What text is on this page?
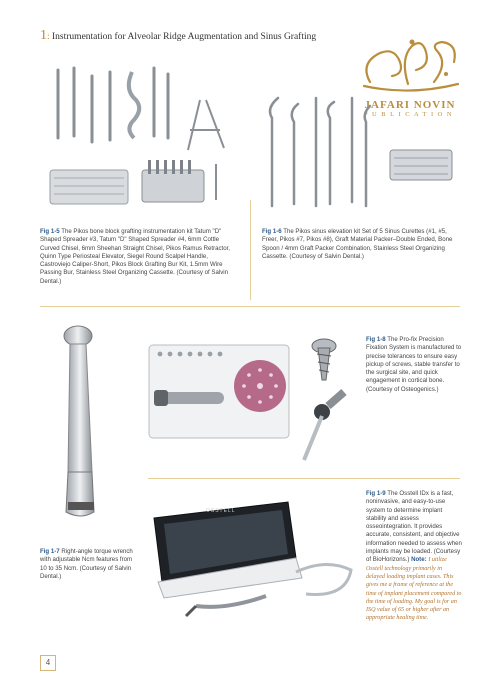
1: Instrumentation for Alveolar Ridge Augmentation and Sinus Grafting
JAFARI NOVIN
PUBLICATION
Fig 1-5 The Pikos bone block grafting instrumentation kit Tatum "D" Shaped Spreader #3, Tatum "D" Shaped Spreader #4, 6mm Cottle Curved Chisel, 6mm Sheehan Straight Chisel, Pikos Ramus Retractor, Quinn Type Periosteal Elevator, Siegel Round Scalpel Handle, Castroviejo Caliper-Short, Pikos Block Grafting Bur Kit, 1.5mm Wire Passing Bur, Stainless Steel Organizing Cassette. (Courtesy of Salvin Dental.)
Fig 1-6 The Pikos sinus elevation kit Set of 5 Sinus Curettes (#1, #5, Freer, Pikos #7, Pikos #8), Graft Material Packer–Double Ended, Bone Spoon / 4mm Graft Packer Combination, Stainless Steel Organizing Cassette. (Courtesy of Salvin Dental.)
Fig 1-8 The Pro-fix Precision Fixation System is manufactured to precise tolerances to ensure easy pickup of screws, stable transfer to the surgical site, and quick engagement in cortical bone. (Courtesy of Osteogenics.)
Fig 1-7 Right-angle torque wrench with adjustable Ncm features from 10 to 35 Ncm. (Courtesy of Salvin Dental.)
OSSTELL
Fig 1-9 The Osstell IDx is a fast, noninvasive, and easy-to-use system to determine implant stability and assess osseointegration. It provides accurate, consistent, and objective information needed to assess when implants may be loaded. (Courtesy of BioHorizons.) Note: I utilize Osstell technology primarily in delayed loading implant cases. This gives me a frame of reference at the time of implant placement compared to the time of loading. My goal is for an ISQ value of 65 or higher after an appropriate healing time.
4
